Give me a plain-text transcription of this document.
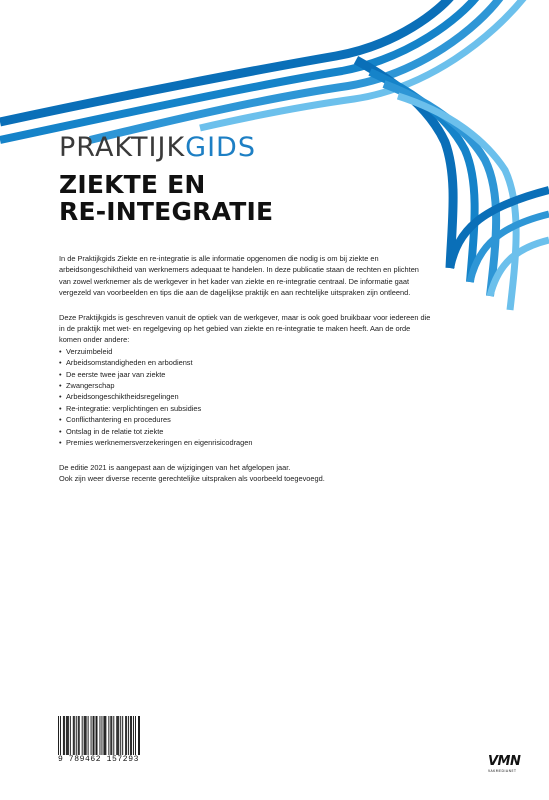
PRAKTIJKGIDS
ZIEKTE EN
RE-INTEGRATIE

In de Praktijkgids Ziekte en re-integratie is alle informatie opgenomen die nodig is om bij ziekte en arbeidsongeschiktheid van werknemers adequaat te handelen. In deze publicatie staan de rechten en plichten van zowel werknemer als de werkgever in het kader van ziekte en re-integratie centraal. De informatie gaat vergezeld van voorbeelden en tips die aan de dagelijkse praktijk en aan rechtelijke uitspraken zijn ontleend.

Deze Praktijkgids is geschreven vanuit de optiek van de werkgever, maar is ook goed bruikbaar voor iedereen die in de praktijk met wet- en regelgeving op het gebied van ziekte en re-integratie te maken heeft. Aan de orde komen onder andere:

• Verzuimbeleid
• Arbeidsomstandigheden en arbodienst
• De eerste twee jaar van ziekte
• Zwangerschap
• Arbeidsongeschiktheidsregelingen
• Re-integratie: verplichtingen en subsidies
• Conflicthantering en procedures
• Ontslag in de relatie tot ziekte
• Premies werknemersverzekeringen en eigenrisicodragen

De editie 2021 is aangepast aan de wijzigingen van het afgelopen jaar.

Ook zijn weer diverse recente gerechtelijke uitspraken als voorbeeld toegevoegd.

9 789462 157293	VMN
VAKMEDIANET
